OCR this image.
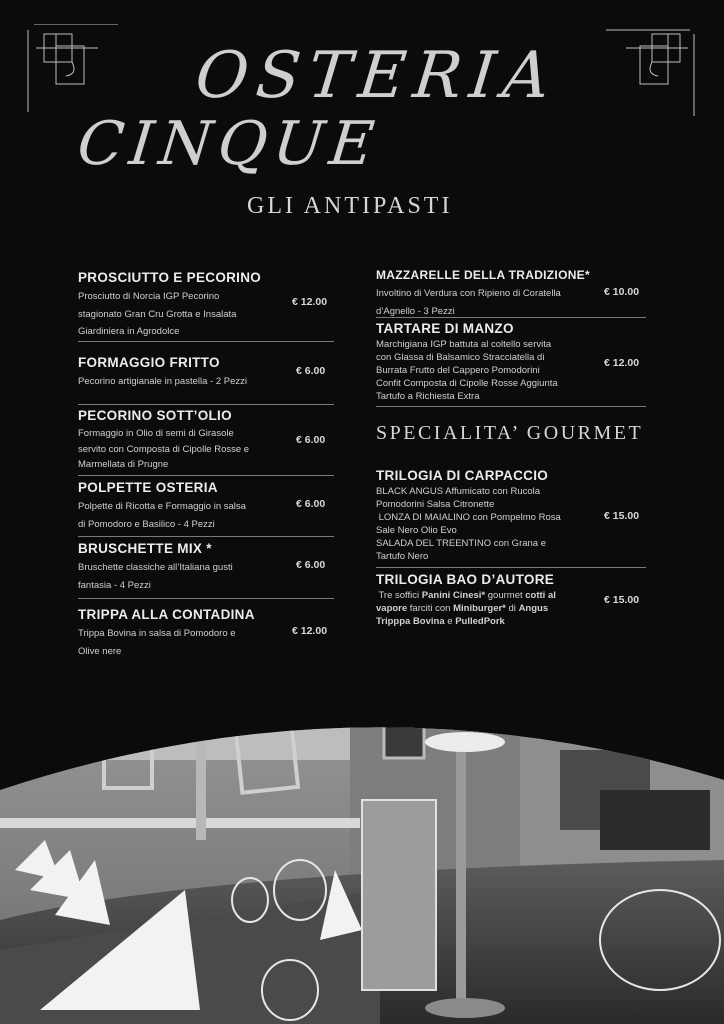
OSTERIA
CINQUE
GLI ANTIPASTI
PROSCIUTTO E PECORINO
Prosciutto di Norcia IGP Pecorino
stagionato Gran Cru Grotta e Insalata
Giardiniera in Agrodolce
€ 12.00
FORMAGGIO FRITTO
Pecorino artigianale in pastella - 2 Pezzi
€ 6.00
PECORINO SOTT’OLIO
Formaggio in Olio di semi di Girasole
servito con Composta di Cipolle Rosse e
Marmellata di Prugne
€ 6.00
POLPETTE OSTERIA
Polpette di Ricotta e Formaggio in salsa
di Pomodoro e Basilico - 4 Pezzi
€ 6.00
BRUSCHETTE MIX *
Bruschette classiche all’Italiana gusti
fantasia - 4 Pezzi
€ 6.00
TRIPPA ALLA CONTADINA
Trippa Bovina in salsa di Pomodoro e
Olive nere
€ 12.00
MAZZARELLE DELLA TRADIZIONE*
Involtino di Verdura con Ripieno di Coratella
d’Agnello - 3 Pezzi
€ 10.00
TARTARE DI MANZO
Marchigiana IGP battuta al coltello servita
con Glassa di Balsamico Stracciatella di
Burrata Frutto del Cappero Pomodorini
Confit Composta di Cipolle Rosse Aggiunta
Tartufo a Richiesta Extra
€ 12.00
SPECIALITA’ GOURMET
TRILOGIA DI CARPACCIO
BLACK ANGUS Affumicato con Rucola
Pomodorini Salsa Citronette
LONZA DI MAIALINO con Pompelmo Rosa
Sale Nero Olio Evo
SALADA DEL TREENTINO con Grana e
Tartufo Nero
€ 15.00
TRILOGIA BAO D’AUTORE
Tre soffici Panini Cinesi* gourmet cotti al
vapore farciti con Miniburger* di Angus
Tripppa Bovina e PulledPork
€ 15.00
